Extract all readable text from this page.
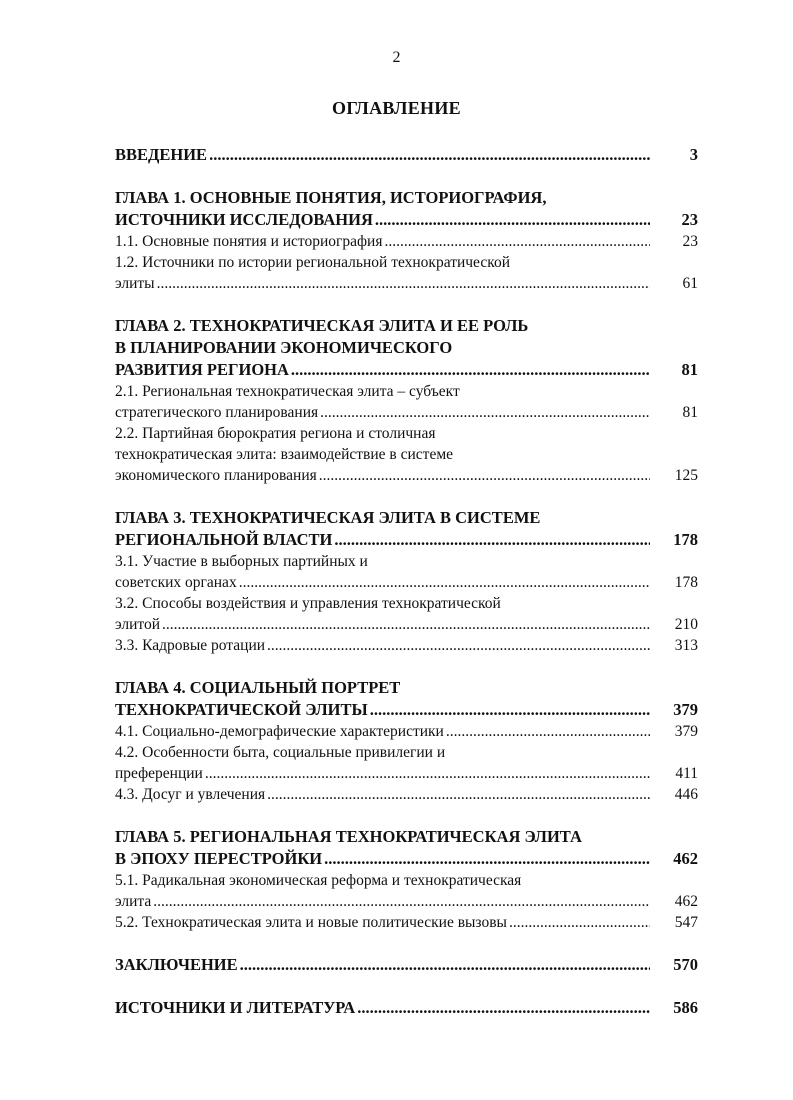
2
ОГЛАВЛЕНИЕ
ВВЕДЕНИЕ .....	3
ГЛАВА 1. ОСНОВНЫЕ ПОНЯТИЯ, ИСТОРИОГРАФИЯ,
ИСТОЧНИКИ ИССЛЕДОВАНИЯ .....	23
1.1. Основные понятия и историография .....	23
1.2. Источники по истории региональной технократической
элиты .....	61
ГЛАВА 2. ТЕХНОКРАТИЧЕСКАЯ ЭЛИТА И ЕЕ РОЛЬ
В ПЛАНИРОВАНИИ ЭКОНОМИЧЕСКОГО
РАЗВИТИЯ РЕГИОНА .....	81
2.1. Региональная технократическая элита – субъект
стратегического планирования .....	81
2.2. Партийная бюрократия региона и столичная
технократическая элита: взаимодействие в системе
экономического планирования .....	125
ГЛАВА 3. ТЕХНОКРАТИЧЕСКАЯ ЭЛИТА В СИСТЕМЕ
РЕГИОНАЛЬНОЙ ВЛАСТИ .....	178
3.1. Участие в выборных партийных и
советских органах .....	178
3.2. Способы воздействия и управления технократической
элитой .....	210
3.3. Кадровые ротации .....	313
ГЛАВА 4. СОЦИАЛЬНЫЙ ПОРТРЕТ
ТЕХНОКРАТИЧЕСКОЙ ЭЛИТЫ .....	379
4.1. Социально-демографические характеристики .....	379
4.2. Особенности быта, социальные привилегии и
преференции .....	411
4.3. Досуг и увлечения .....	446
ГЛАВА 5. РЕГИОНАЛЬНАЯ ТЕХНОКРАТИЧЕСКАЯ ЭЛИТА
В ЭПОХУ ПЕРЕСТРОЙКИ .....	462
5.1. Радикальная экономическая реформа и технократическая
элита .....	462
5.2. Технократическая элита и новые политические вызовы .....	547
ЗАКЛЮЧЕНИЕ .....	570
ИСТОЧНИКИ И ЛИТЕРАТУРА .....	586
